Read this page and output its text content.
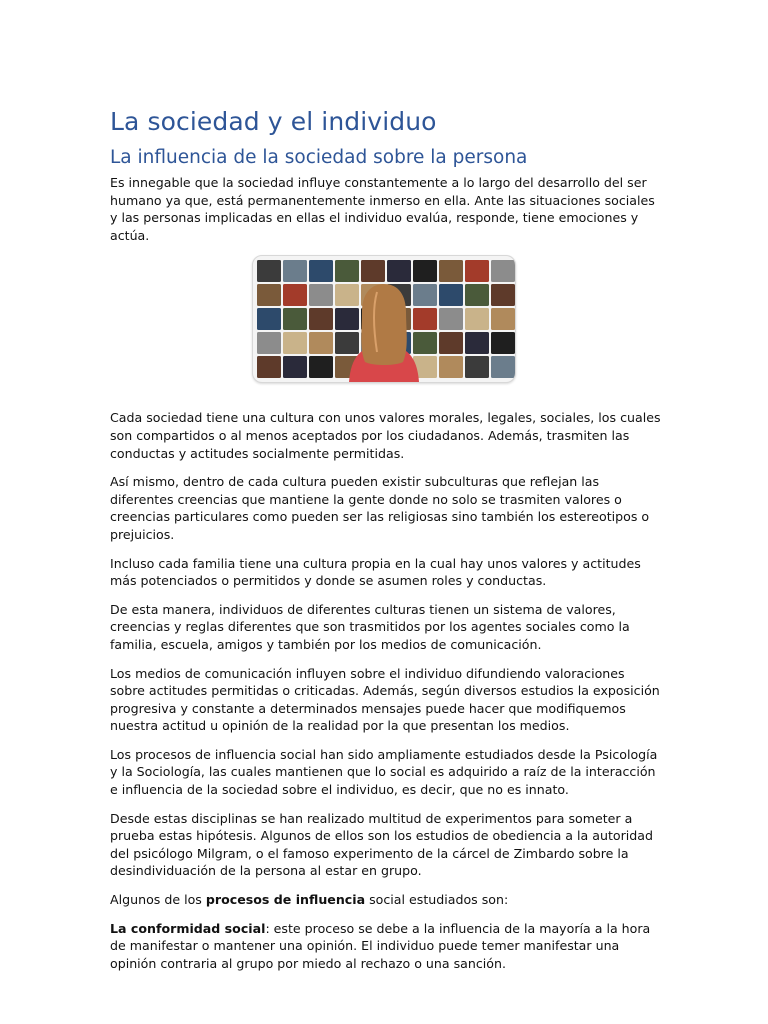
La sociedad y el individuo
La influencia de la sociedad sobre la persona

Es innegable que la sociedad influye constantemente a lo largo del desarrollo del ser humano ya que, está permanentemente inmerso en ella. Ante las situaciones sociales y las personas implicadas en ellas el individuo evalúa, responde, tiene emociones y actúa.

Cada sociedad tiene una cultura con unos valores morales, legales, sociales, los cuales son compartidos o al menos aceptados por los ciudadanos. Además, trasmiten las conductas y actitudes socialmente permitidas.

Así mismo, dentro de cada cultura pueden existir subculturas que reflejan las diferentes creencias que mantiene la gente donde no solo se trasmiten valores o creencias particulares como pueden ser las religiosas sino también los estereotipos o prejuicios.

Incluso cada familia tiene una cultura propia en la cual hay unos valores y actitudes más potenciados o permitidos y donde se asumen roles y conductas.

De esta manera, individuos de diferentes culturas tienen un sistema de valores, creencias y reglas diferentes que son trasmitidos por los agentes sociales como la familia, escuela, amigos y también por los medios de comunicación.

Los medios de comunicación influyen sobre el individuo difundiendo valoraciones sobre actitudes permitidas o criticadas. Además, según diversos estudios la exposición progresiva y constante a determinados mensajes puede hacer que modifiquemos nuestra actitud u opinión de la realidad por la que presentan los medios.

Los procesos de influencia social han sido ampliamente estudiados desde la Psicología y la Sociología, las cuales mantienen que lo social es adquirido a raíz de la interacción e influencia de la sociedad sobre el individuo, es decir, que no es innato.

Desde estas disciplinas se han realizado multitud de experimentos para someter a prueba estas hipótesis. Algunos de ellos son los estudios de obediencia a la autoridad del psicólogo Milgram, o el famoso experimento de la cárcel de Zimbardo sobre la desindividuación de la persona al estar en grupo.

Algunos de los procesos de influencia social estudiados son:

La conformidad social: este proceso se debe a la influencia de la mayoría a la hora de manifestar o mantener una opinión. El individuo puede temer manifestar una opinión contraria al grupo por miedo al rechazo o una sanción.
